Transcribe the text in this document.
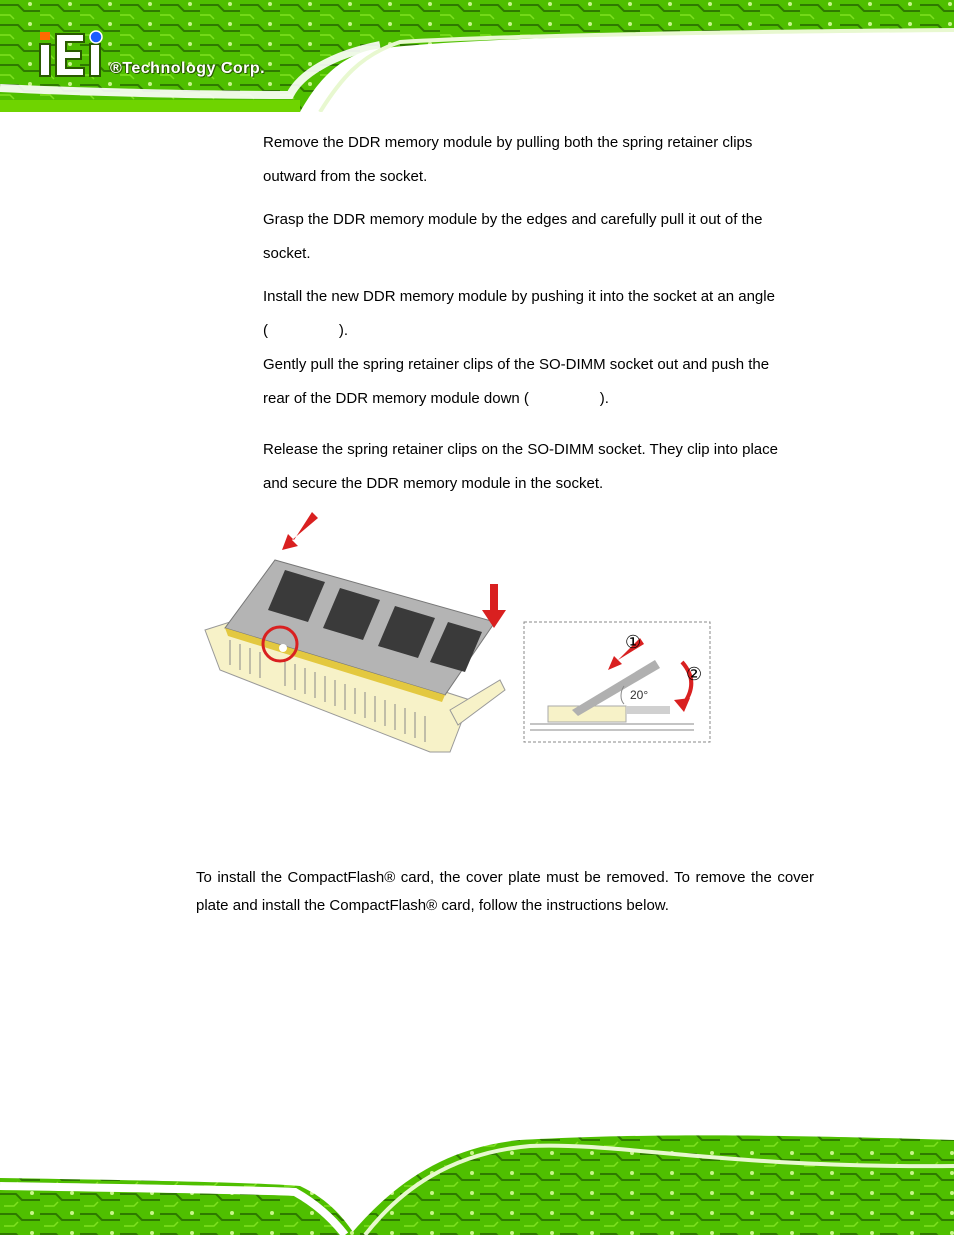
®Technology Corp.

Remove the DDR memory module by pulling both the spring retainer clips
outward from the socket.

Grasp the DDR memory module by the edges and carefully pull it out of the
socket.

Install the new DDR memory module by pushing it into the socket at an angle
(                 ).

Gently pull the spring retainer clips of the SO-DIMM socket out and push the
rear of the DDR memory module down (                 ).

Release the spring retainer clips on the SO-DIMM socket. They clip into place
and secure the DDR memory module in the socket.

①
②
20°

To install the CompactFlash® card, the cover plate must be removed. To remove the cover plate and install the CompactFlash® card, follow the instructions below.
